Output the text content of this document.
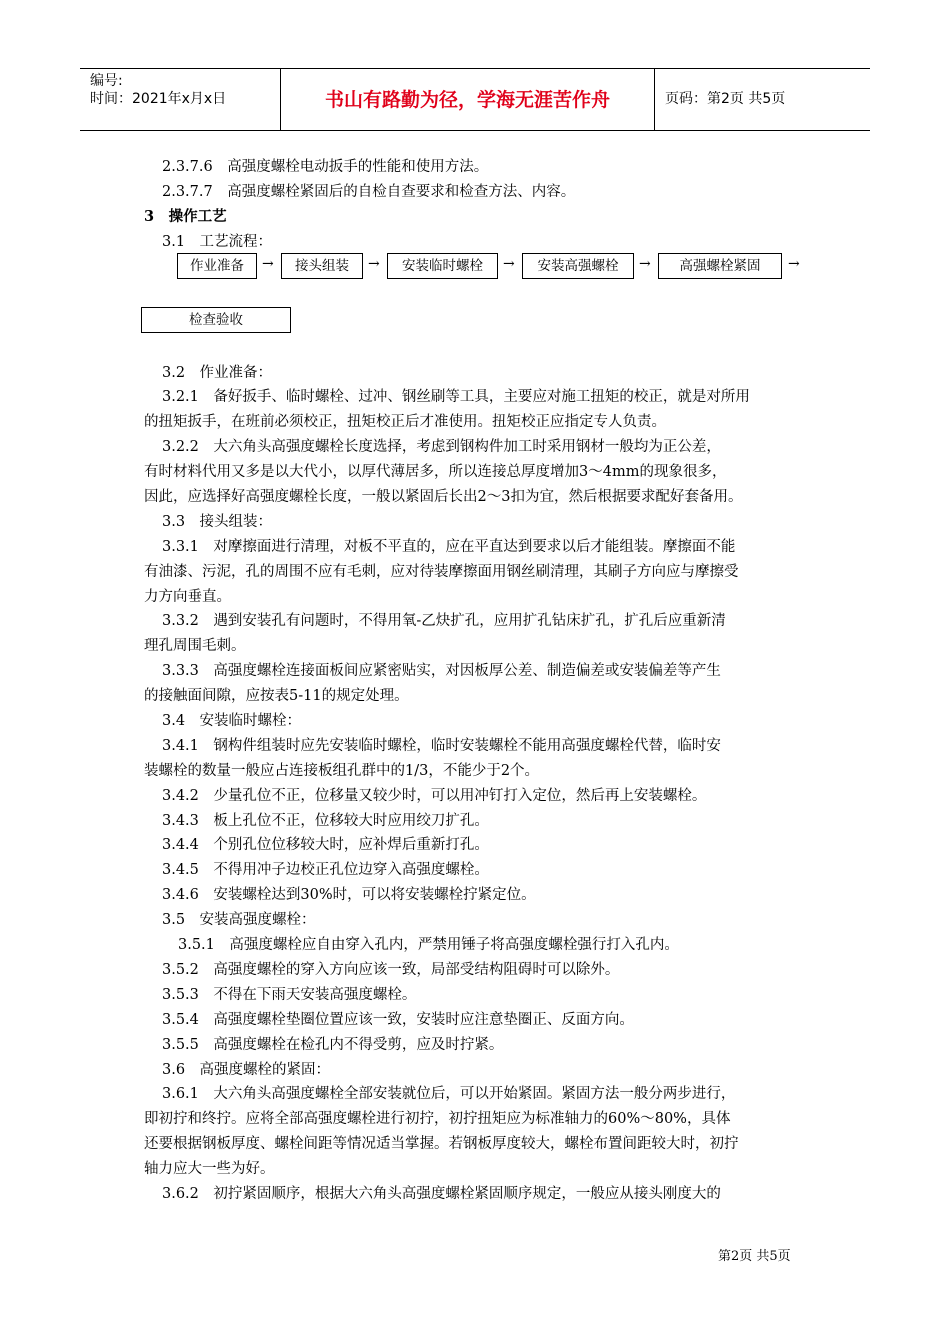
编号:
时间：2021年x月x日	书山有路勤为径，学海无涯苦作舟	页码：第2页 共5页
2.3.7.6　高强度螺栓电动扳手的性能和使用方法。
2.3.7.7　高强度螺栓紧固后的自检自查要求和检查方法、内容。
3　操作工艺
3.1　工艺流程：
作业准备	→	接头组装	→	安装临时螺栓	→	安装高强螺栓	→	高强螺栓紧固	→
检查验收
3.2　作业准备：
3.2.1　备好扳手、临时螺栓、过冲、钢丝刷等工具，主要应对施工扭矩的校正，就是对所用
的扭矩扳手，在班前必须校正，扭矩校正后才准使用。扭矩校正应指定专人负责。
3.2.2　大六角头高强度螺栓长度选择，考虑到钢构件加工时采用钢材一般均为正公差，
有时材料代用又多是以大代小，以厚代薄居多，所以连接总厚度增加3～4mm的现象很多，
因此，应选择好高强度螺栓长度，一般以紧固后长出2～3扣为宜，然后根据要求配好套备用。
3.3　接头组装：
3.3.1　对摩擦面进行清理，对板不平直的，应在平直达到要求以后才能组装。摩擦面不能
有油漆、污泥，孔的周围不应有毛刺，应对待装摩擦面用钢丝刷清理，其刷子方向应与摩擦受
力方向垂直。
3.3.2　遇到安装孔有问题时，不得用氧-乙炔扩孔，应用扩孔钻床扩孔，扩孔后应重新清
理孔周围毛刺。
3.3.3　高强度螺栓连接面板间应紧密贴实，对因板厚公差、制造偏差或安装偏差等产生
的接触面间隙，应按表5-11的规定处理。
3.4　安装临时螺栓：
3.4.1　钢构件组装时应先安装临时螺栓，临时安装螺栓不能用高强度螺栓代替，临时安
装螺栓的数量一般应占连接板组孔群中的1/3，不能少于2个。
3.4.2　少量孔位不正，位移量又较少时，可以用冲钉打入定位，然后再上安装螺栓。
3.4.3　板上孔位不正，位移较大时应用绞刀扩孔。
3.4.4　个别孔位位移较大时，应补焊后重新打孔。
3.4.5　不得用冲子边校正孔位边穿入高强度螺栓。
3.4.6　安装螺栓达到30%时，可以将安装螺栓拧紧定位。
3.5　安装高强度螺栓：
3.5.1　高强度螺栓应自由穿入孔内，严禁用锤子将高强度螺栓强行打入孔内。
3.5.2　高强度螺栓的穿入方向应该一致，局部受结构阻碍时可以除外。
3.5.3　不得在下雨天安装高强度螺栓。
3.5.4　高强度螺栓垫圈位置应该一致，安装时应注意垫圈正、反面方向。
3.5.5　高强度螺栓在检孔内不得受剪，应及时拧紧。
3.6　高强度螺栓的紧固：
3.6.1　大六角头高强度螺栓全部安装就位后，可以开始紧固。紧固方法一般分两步进行，
即初拧和终拧。应将全部高强度螺栓进行初拧，初拧扭矩应为标准轴力的60%～80%，具体
还要根据钢板厚度、螺栓间距等情况适当掌握。若钢板厚度较大，螺栓布置间距较大时，初拧
轴力应大一些为好。
3.6.2　初拧紧固顺序，根据大六角头高强度螺栓紧固顺序规定，一般应从接头刚度大的
第2页 共5页
